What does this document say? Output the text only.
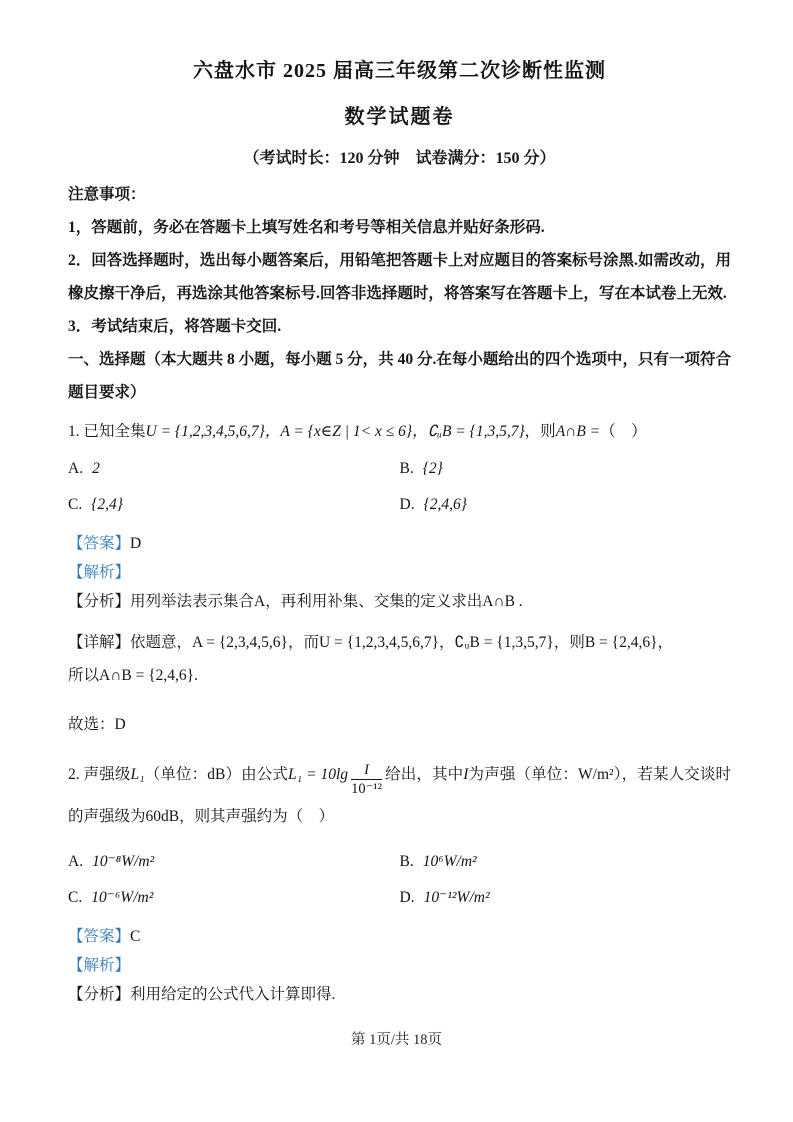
六盘水市 2025 届高三年级第二次诊断性监测
数学试题卷
（考试时长：120 分钟　试卷满分：150 分）

注意事项：

1，答题前，务必在答题卡上填写姓名和考号等相关信息并贴好条形码.

2．回答选择题时，选出每小题答案后，用铅笔把答题卡上对应题目的答案标号涂黑.如需改动，用橡皮擦干净后，再选涂其他答案标号.回答非选择题时，将答案写在答题卡上，写在本试卷上无效.

3．考试结束后，将答题卡交回.

一、选择题（本大题共 8 小题，每小题 5 分，共 40 分.在每小题给出的四个选项中，只有一项符合题目要求）

1. 已知全集U = {1,2,3,4,5,6,7}，A = {x∈Z | 1< x ≤ 6}，∁ᵤB = {1,3,5,7}，则A∩B =（　）

A. 2	B. {2}
C. {2,4}	D. {2,4,6}

【答案】D

【解析】

【分析】用列举法表示集合A，再利用补集、交集的定义求出A∩B .

【详解】依题意，A = {2,3,4,5,6}，而U = {1,2,3,4,5,6,7}，∁ᵤB = {1,3,5,7}，则B = {2,4,6}，
所以A∩B = {2,4,6}.

故选：D

2. 声强级L₁（单位：dB）由公式$L_1 = 10\lg \frac{I}{\text{10⁻¹²}}$ 给出，其中I为声强（单位：W/m²），若某人交谈时的声强级为60dB，则其声强约为（　）

A. 10⁻⁸W/m²	B. 10⁶W/m²
C. 10⁻⁶W/m²	D. 10⁻¹²W/m²

【答案】C

【解析】

【分析】利用给定的公式代入计算即得.

第 1页/共 18页
